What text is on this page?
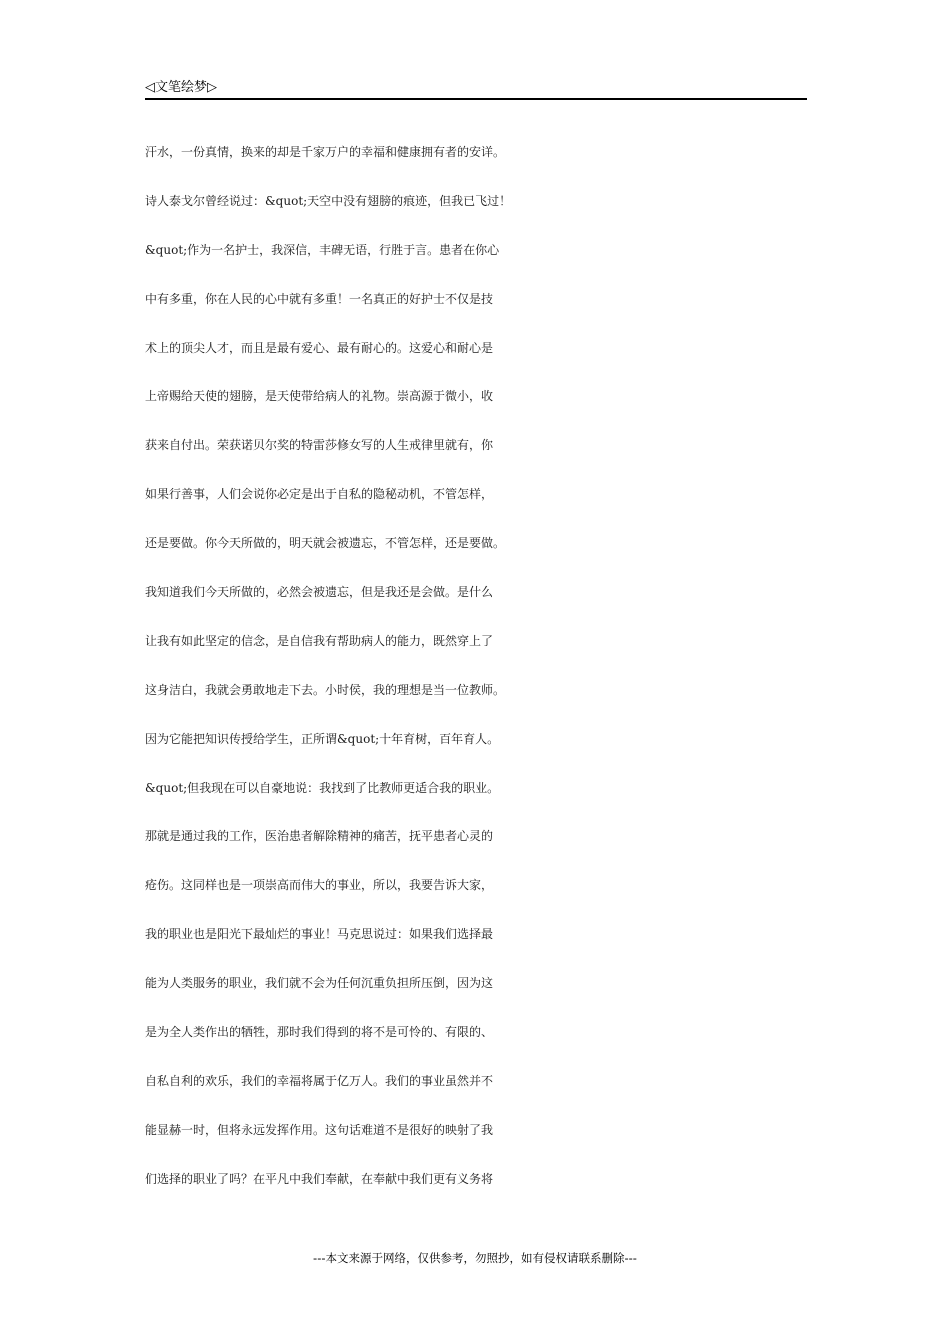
◁文笔绘梦▷
汗水，一份真情，换来的却是千家万户的幸福和健康拥有者的安详。
诗人泰戈尔曾经说过：&quot;天空中没有翅膀的痕迹，但我已飞过！
&quot;作为一名护士，我深信，丰碑无语，行胜于言。患者在你心
中有多重，你在人民的心中就有多重！一名真正的好护士不仅是技
术上的顶尖人才，而且是最有爱心、最有耐心的。这爱心和耐心是
上帝赐给天使的翅膀，是天使带给病人的礼物。崇高源于微小，收
获来自付出。荣获诺贝尔奖的特雷莎修女写的人生戒律里就有，你
如果行善事，人们会说你必定是出于自私的隐秘动机，不管怎样，
还是要做。你今天所做的，明天就会被遗忘，不管怎样，还是要做。
我知道我们今天所做的，必然会被遗忘，但是我还是会做。是什么
让我有如此坚定的信念，是自信我有帮助病人的能力，既然穿上了
这身洁白，我就会勇敢地走下去。小时侯，我的理想是当一位教师。
因为它能把知识传授给学生，正所谓&quot;十年育树，百年育人。
&quot;但我现在可以自豪地说：我找到了比教师更适合我的职业。
那就是通过我的工作，医治患者解除精神的痛苦，抚平患者心灵的
疮伤。这同样也是一项崇高而伟大的事业，所以，我要告诉大家，
我的职业也是阳光下最灿烂的事业！马克思说过：如果我们选择最
能为人类服务的职业，我们就不会为任何沉重负担所压倒，因为这
是为全人类作出的牺牲，那时我们得到的将不是可怜的、有限的、
自私自利的欢乐，我们的幸福将属于亿万人。我们的事业虽然并不
能显赫一时，但将永远发挥作用。这句话难道不是很好的映射了我
们选择的职业了吗？在平凡中我们奉献，在奉献中我们更有义务将
---本文来源于网络，仅供参考，勿照抄，如有侵权请联系删除---
